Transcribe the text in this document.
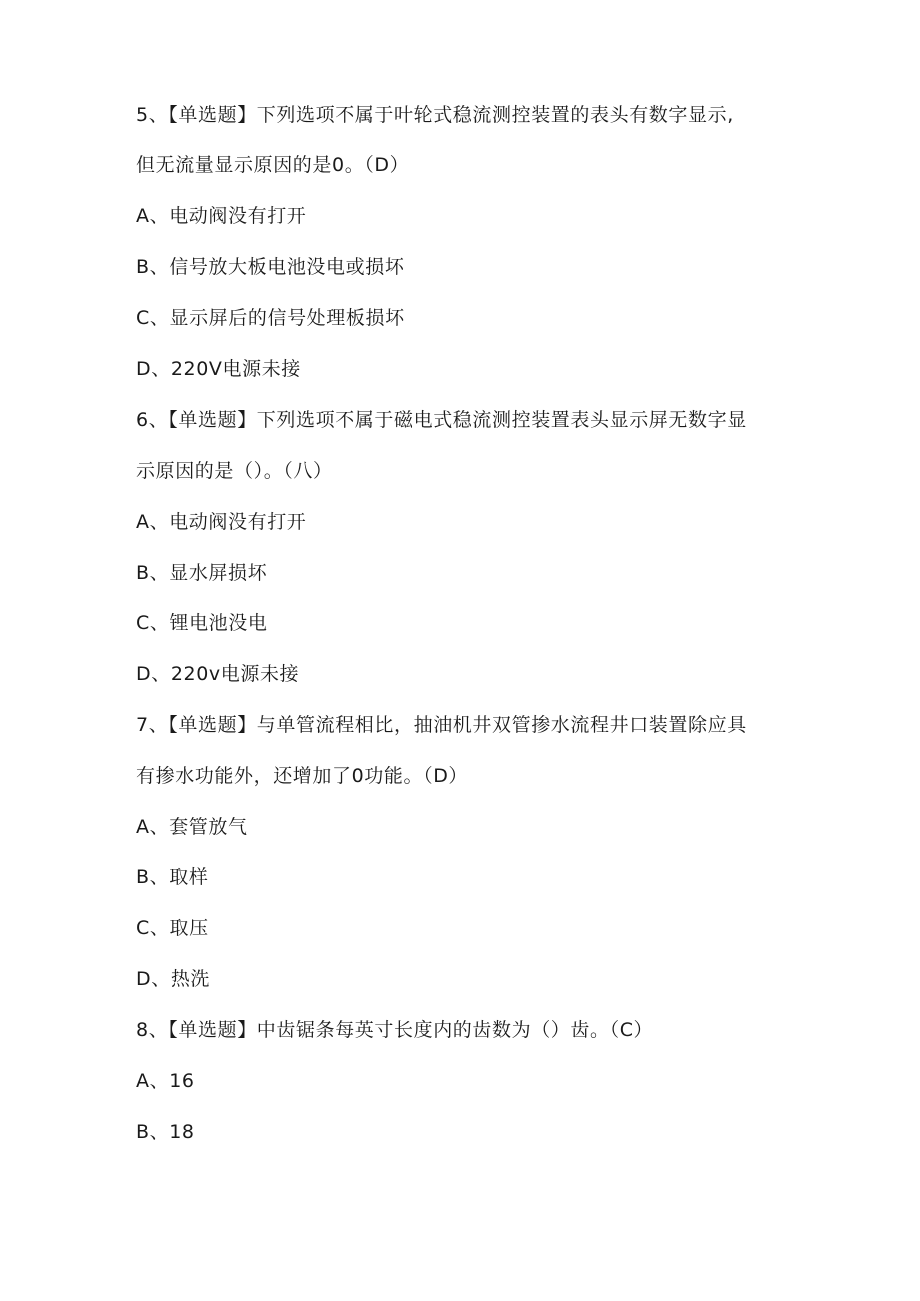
5、【单选题】下列选项不属于叶轮式稳流测控装置的表头有数字显示,
但无流量显示原因的是0。（D）
A、电动阀没有打开
B、信号放大板电池没电或损坏
C、显示屏后的信号处理板损坏
D、220V电源未接
6、【单选题】下列选项不属于磁电式稳流测控装置表头显示屏无数字显
示原因的是（）。（八）
A、电动阀没有打开
B、显水屏损坏
C、锂电池没电
D、220v电源未接
7、【单选题】与单管流程相比，抽油机井双管掺水流程井口装置除应具
有掺水功能外，还增加了0功能。（D）
A、套管放气
B、取样
C、取压
D、热洗
8、【单选题】中齿锯条每英寸长度内的齿数为（）齿。（C）
A、16
B、18
